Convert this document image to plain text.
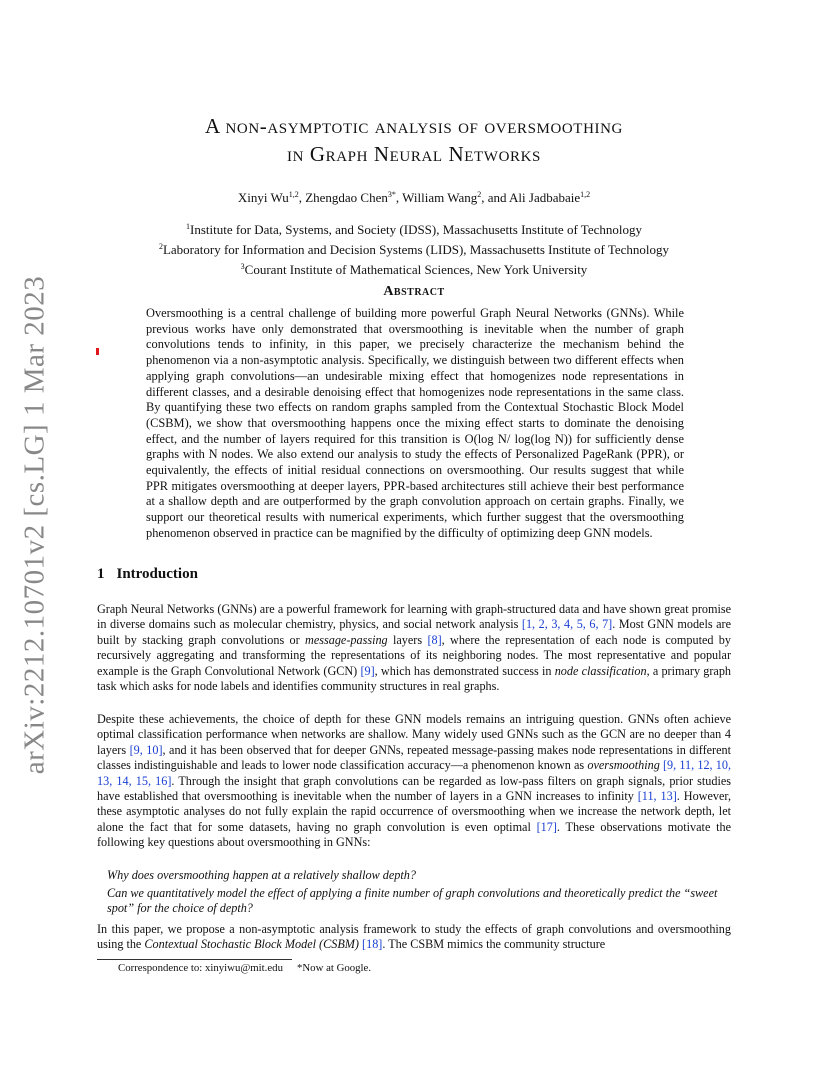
arXiv:2212.10701v2 [cs.LG] 1 Mar 2023
A non-asymptotic analysis of oversmoothing
in Graph Neural Networks
Xinyi Wu$^{1,2}$, Zhengdao Chen$^{3*}$, William Wang$^2$, and Ali Jadbabaie$^{1,2}$
$^1$Institute for Data, Systems, and Society (IDSS), Massachusetts Institute of Technology
$^2$Laboratory for Information and Decision Systems (LIDS), Massachusetts Institute of Technology
$^3$Courant Institute of Mathematical Sciences, New York University
Abstract
Oversmoothing is a central challenge of building more powerful Graph Neural Networks (GNNs). While previous works have only demonstrated that oversmoothing is inevitable when the number of graph convolutions tends to infinity, in this paper, we precisely characterize the mechanism behind the phenomenon via a non-asymptotic analysis. Specifically, we distinguish between two different effects when applying graph convolutions—an undesirable mixing effect that homogenizes node representations in different classes, and a desirable denoising effect that homogenizes node representations in the same class. By quantifying these two effects on random graphs sampled from the Contextual Stochastic Block Model (CSBM), we show that oversmoothing happens once the mixing effect starts to dominate the denoising effect, and the number of layers required for this transition is O(log N/ log(log N)) for sufficiently dense graphs with N nodes. We also extend our analysis to study the effects of Personalized PageRank (PPR), or equivalently, the effects of initial residual connections on oversmoothing. Our results suggest that while PPR mitigates oversmoothing at deeper layers, PPR-based architectures still achieve their best performance at a shallow depth and are outperformed by the graph convolution approach on certain graphs. Finally, we support our theoretical results with numerical experiments, which further suggest that the oversmoothing phenomenon observed in practice can be magnified by the difficulty of optimizing deep GNN models.
1 Introduction
Graph Neural Networks (GNNs) are a powerful framework for learning with graph-structured data and have shown great promise in diverse domains such as molecular chemistry, physics, and social network analysis [1, 2, 3, 4, 5, 6, 7]. Most GNN models are built by stacking graph convolutions or message-passing layers [8], where the representation of each node is computed by recursively aggregating and transforming the representations of its neighboring nodes. The most representative and popular example is the Graph Convolutional Network (GCN) [9], which has demonstrated success in node classification, a primary graph task which asks for node labels and identifies community structures in real graphs.
Despite these achievements, the choice of depth for these GNN models remains an intriguing question. GNNs often achieve optimal classification performance when networks are shallow. Many widely used GNNs such as the GCN are no deeper than 4 layers [9, 10], and it has been observed that for deeper GNNs, repeated message-passing makes node representations in different classes indistinguishable and leads to lower node classification accuracy—a phenomenon known as oversmoothing [9, 11, 12, 10, 13, 14, 15, 16]. Through the insight that graph convolutions can be regarded as low-pass filters on graph signals, prior studies have established that oversmoothing is inevitable when the number of layers in a GNN increases to infinity [11, 13]. However, these asymptotic analyses do not fully explain the rapid occurrence of oversmoothing when we increase the network depth, let alone the fact that for some datasets, having no graph convolution is even optimal [17]. These observations motivate the following key questions about oversmoothing in GNNs:
Why does oversmoothing happen at a relatively shallow depth?
Can we quantitatively model the effect of applying a finite number of graph convolutions and theoretically predict the “sweet spot” for the choice of depth?
In this paper, we propose a non-asymptotic analysis framework to study the effects of graph convolutions and oversmoothing using the Contextual Stochastic Block Model (CSBM) [18]. The CSBM mimics the community structure
Correspondence to: xinyiwu@mit.edu *Now at Google.
